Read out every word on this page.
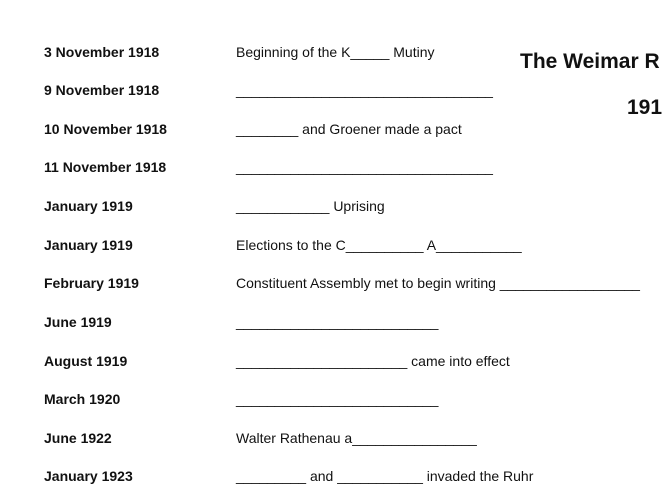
The Weimar R
191
3 November 1918	Beginning of the K_____ Mutiny
9 November 1918	_________________________________
10 November 1918	________ and Groener made a pact
11 November 1918	_________________________________
January 1919	____________ Uprising
January 1919	Elections to the C__________ A___________
February 1919	Constituent Assembly met to begin writing __________________
June 1919	__________________________
August 1919	______________________ came into effect
March 1920	__________________________
June 1922	Walter Rathenau a________________
January 1923	_________ and ___________ invaded the Ruhr
